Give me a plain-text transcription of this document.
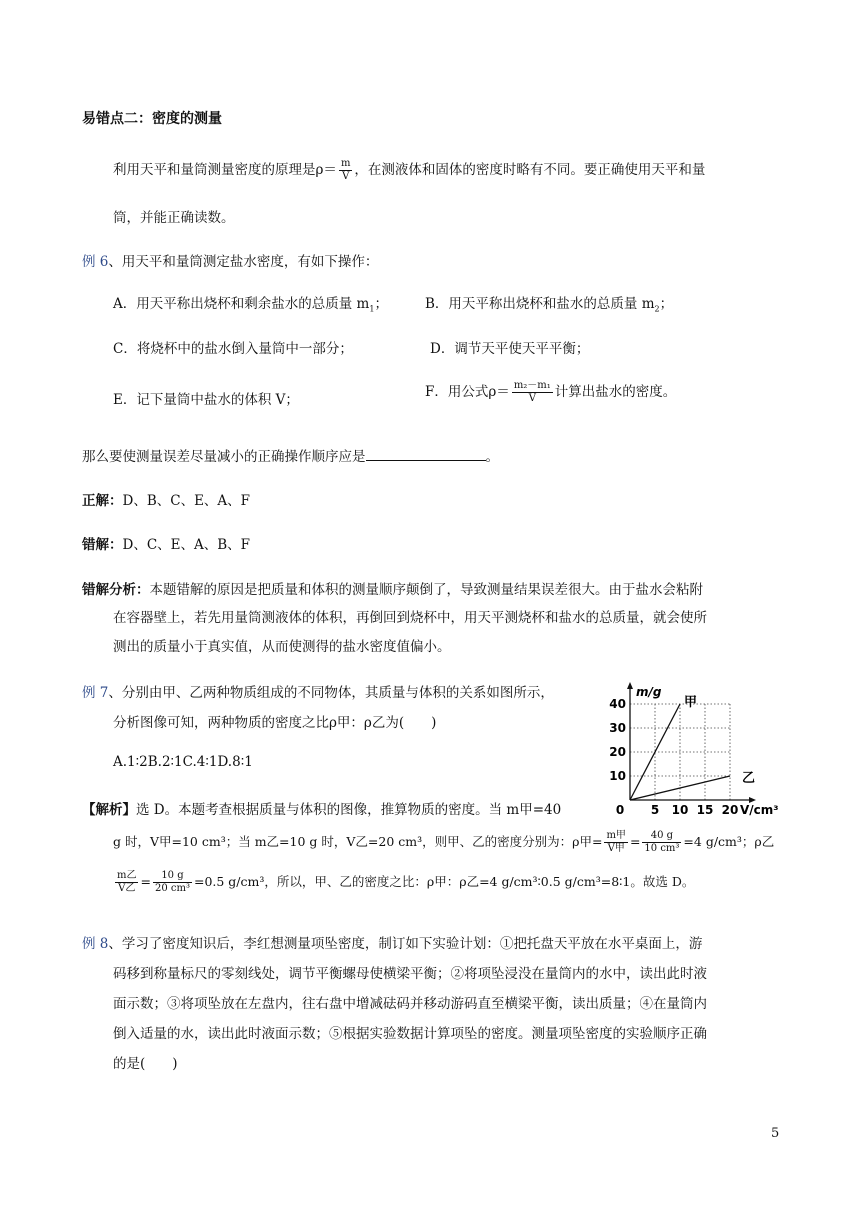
易错点二：密度的测量
利用天平和量筒测量密度的原理是$\rho= \frac{m}{V}$ ，在测液体和固体的密度时略有不同。要正确使用天平和量
筒，并能正确读数。
例 6、用天平和量筒测定盐水密度，有如下操作：
A．用天平称出烧杯和剩余盐水的总质量 $m_1$；	B．用天平称出烧杯和盐水的总质量 $m_2$；
C．将烧杯中的盐水倒入量筒中一部分；	D．调节天平使天平平衡；
E．记下量筒中盐水的体积 V；	F．用公式$\rho= \frac{\text{m₂－m₁}}{V}$ 计算出盐水的密度。
那么要使测量误差尽量减小的正确操作顺序应是	。
正解：D、B、C、E、A、F
错解：D、C、E、A、B、F
错解分析：本题错解的原因是把质量和体积的测量顺序颠倒了，导致测量结果误差很大。由于盐水会粘附
在容器壁上，若先用量筒测液体的体积，再倒回到烧杯中，用天平测烧杯和盐水的总质量，就会使所
测出的质量小于真实值，从而使测得的盐水密度值偏小。
例 7、分别由甲、乙两种物质组成的不同物体，其质量与体积的关系如图所示，
分析图像可知，两种物质的密度之比ρ甲：ρ乙为(　　)
A.1∶2B.2∶1C.4∶1D.8∶1
0 5 10 15 20
10
20
30
40
m/g
V/cm³
甲
乙
【解析】选 D。本题考查根据质量与体积的图像，推算物质的密度。当 m甲=40
g 时，V甲=10 cm³；当 m乙=10 g 时，V乙=20 cm³，则甲、乙的密度分别为：ρ甲= $\frac{\text{m甲}}{\text{V甲}} = \frac{40 g}{\text{10 cm³}} =4$ g/cm³；ρ乙
$\frac{\text{m乙}}{\text{V乙}} = \frac{10 g}{\text{20 cm³}} =0.5$ g/cm³，所以，甲、乙的密度之比：ρ甲：ρ乙=4 g/cm³∶0.5 g/cm³=8∶1。故选 D。
例 8、学习了密度知识后，李红想测量项坠密度，制订如下实验计划：①把托盘天平放在水平桌面上，游
码移到称量标尺的零刻线处，调节平衡螺母使横梁平衡；②将项坠浸没在量筒内的水中，读出此时液
面示数；③将项坠放在左盘内，往右盘中增减砝码并移动游码直至横梁平衡，读出质量；④在量筒内
倒入适量的水，读出此时液面示数；⑤根据实验数据计算项坠的密度。测量项坠密度的实验顺序正确
的是(　　)
5
